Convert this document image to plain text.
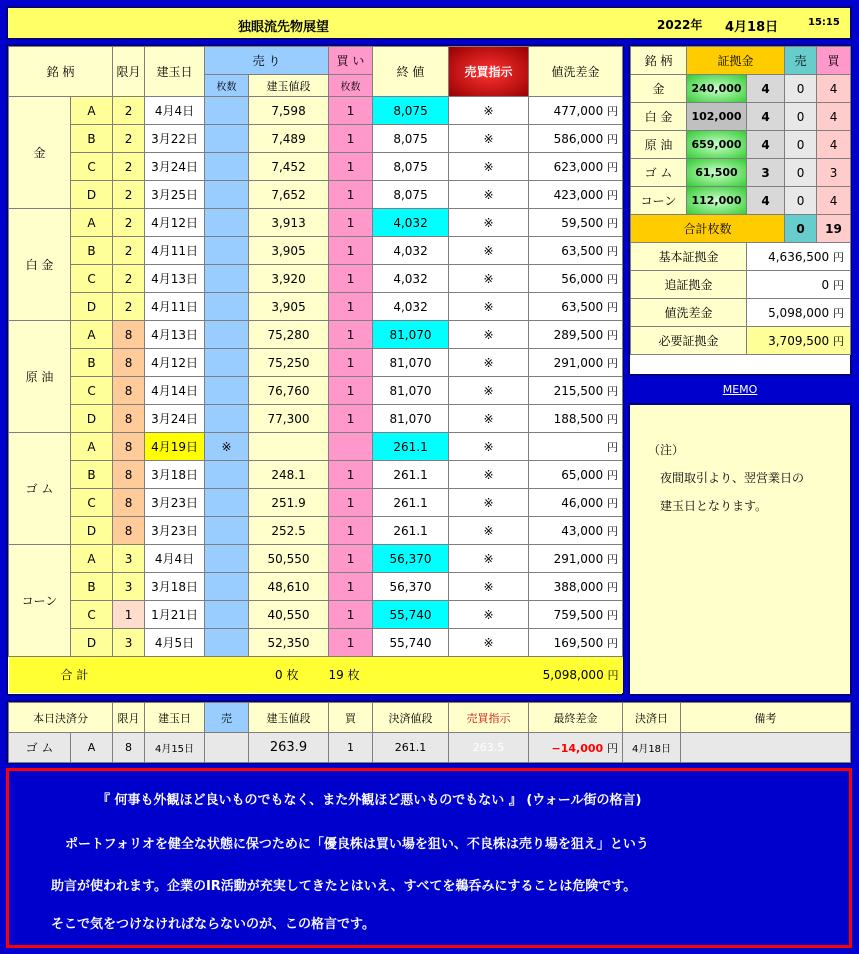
独眼流先物展望	2022年 4月18日	15:15
銘 柄		限月	建玉日	売 り		買 い	終 値	売買指示	値洗差金
				枚数	建玉値段	枚数			
金	A	2	4月4日		7,598	1	8,075	※	477,000 円
	B	2	3月22日		7,489	1	8,075	※	586,000 円
	C	2	3月24日		7,452	1	8,075	※	623,000 円
	D	2	3月25日		7,652	1	8,075	※	423,000 円
白 金	A	2	4月12日		3,913	1	4,032	※	59,500 円
	B	2	4月11日		3,905	1	4,032	※	63,500 円
	C	2	4月13日		3,920	1	4,032	※	56,000 円
	D	2	4月11日		3,905	1	4,032	※	63,500 円
原 油	A	8	4月13日		75,280	1	81,070	※	289,500 円
	B	8	4月12日		75,250	1	81,070	※	291,000 円
	C	8	4月14日		76,760	1	81,070	※	215,500 円
	D	8	3月24日		77,300	1	81,070	※	188,500 円
ゴ ム	A	8	4月19日	※			261.1	※	円
	B	8	3月18日		248.1	1	261.1	※	65,000 円
	C	8	3月23日		251.9	1	261.1	※	46,000 円
	D	8	3月23日		252.5	1	261.1	※	43,000 円
コーン	A	3	4月4日		50,550	1	56,370	※	291,000 円
	B	3	3月18日		48,610	1	56,370	※	388,000 円
	C	1	1月21日		40,550	1	55,740	※	759,500 円
	D	3	4月5日		52,350	1	55,740	※	169,500 円
合 計				0 枚		19 枚		5,098,000 円	
銘 柄	証拠金		売	買
金	240,000	4	0	4
白 金	102,000	4	0	4
原 油	659,000	4	0	4
ゴ ム	61,500	3	0	3
コーン	112,000	4	0	4
合計枚数			0	19
基本証拠金		4,636,500 円		
追証拠金		0 円		
値洗差金		5,098,000 円		
必要証拠金		3,709,500 円		
MEMO
（注）
夜間取引より、翌営業日の
建玉日となります。
本日決済分		限月	建玉日	売	建玉値段	買	決済値段	売買指示	最終差金	決済日	備考
ゴ ム	A	8	4月15日		263.9	1	261.1	263.5	−14,000 円	4月18日	
『 何事も外観ほど良いものでもなく、また外観ほど悪いものでもない 』 (ウォール街の格言)
ポートフォリオを健全な状態に保つために「優良株は買い場を狙い、不良株は売り場を狙え」という
助言が使われます。企業のIR活動が充実してきたとはいえ、すべてを鵜呑みにすることは危険です。
そこで気をつけなければならないのが、この格言です。
